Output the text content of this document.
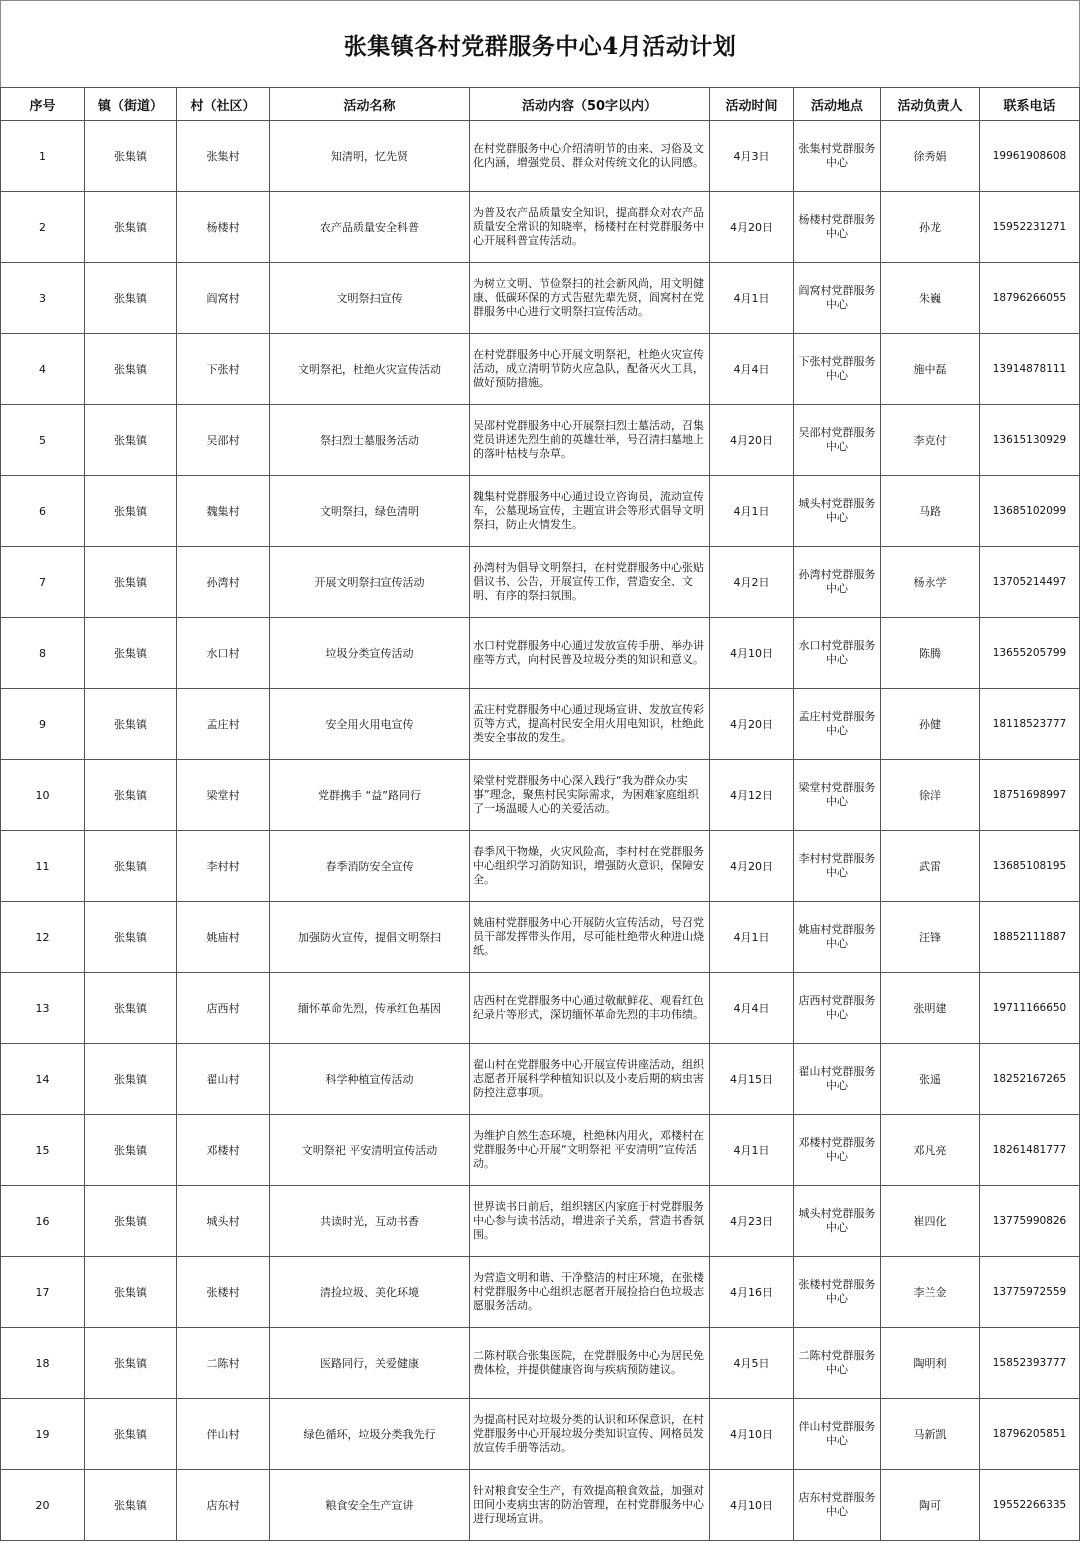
张集镇各村党群服务中心4月活动计划
序号	镇（街道）	村（社区）	活动名称	活动内容（50字以内）	活动时间	活动地点	活动负责人	联系电话
1	张集镇	张集村	知清明，忆先贤	在村党群服务中心介绍清明节的由来、习俗及文化内涵，增强党员、群众对传统文化的认同感。	4月3日	张集村党群服务中心	徐秀娟	19961908608
2	张集镇	杨楼村	农产品质量安全科普	为普及农产品质量安全知识，提高群众对农产品质量安全常识的知晓率，杨楼村在村党群服务中心开展科普宣传活动。	4月20日	杨楼村党群服务中心	孙龙	15952231271
3	张集镇	阎窝村	文明祭扫宣传	为树立文明、节俭祭扫的社会新风尚，用文明健康、低碳环保的方式告慰先辈先贤，阎窝村在党群服务中心进行文明祭扫宣传活动。	4月1日	阎窝村党群服务中心	朱巍	18796266055
4	张集镇	下张村	文明祭祀，杜绝火灾宣传活动	在村党群服务中心开展文明祭祀，杜绝火灾宣传活动，成立清明节防火应急队，配备灭火工具，做好预防措施。	4月4日	下张村党群服务中心	施中磊	13914878111
5	张集镇	吴邵村	祭扫烈士墓服务活动	吴邵村党群服务中心开展祭扫烈士墓活动，召集党员讲述先烈生前的英雄壮举，号召清扫墓地上的落叶枯枝与杂草。	4月20日	吴邵村党群服务中心	李克付	13615130929
6	张集镇	魏集村	文明祭扫，绿色清明	魏集村党群服务中心通过设立咨询员，流动宣传车，公墓现场宣传，主题宣讲会等形式倡导文明祭扫，防止火情发生。	4月1日	城头村党群服务中心	马路	13685102099
7	张集镇	孙湾村	开展文明祭扫宣传活动	孙湾村为倡导文明祭扫，在村党群服务中心张贴倡议书、公告，开展宣传工作，营造安全、文明、有序的祭扫氛围。	4月2日	孙湾村党群服务中心	杨永学	13705214497
8	张集镇	水口村	垃圾分类宣传活动	水口村党群服务中心通过发放宣传手册、举办讲座等方式，向村民普及垃圾分类的知识和意义。	4月10日	水口村党群服务中心	陈腾	13655205799
9	张集镇	孟庄村	安全用火用电宣传	孟庄村党群服务中心通过现场宣讲、发放宣传彩页等方式，提高村民安全用火用电知识，杜绝此类安全事故的发生。	4月20日	孟庄村党群服务中心	孙健	18118523777
10	张集镇	梁堂村	党群携手 “益”路同行	梁堂村党群服务中心深入践行“我为群众办实事”理念，聚焦村民实际需求，为困难家庭组织了一场温暖人心的关爱活动。	4月12日	梁堂村党群服务中心	徐洋	18751698997
11	张集镇	李村村	春季消防安全宣传	春季风干物燥，火灾风险高，李村村在党群服务中心组织学习消防知识，增强防火意识，保障安全。	4月20日	李村村党群服务中心	武雷	13685108195
12	张集镇	姚庙村	加强防火宣传，提倡文明祭扫	姚庙村党群服务中心开展防火宣传活动，号召党员干部发挥带头作用，尽可能杜绝带火种进山烧纸。	4月1日	姚庙村党群服务中心	汪锋	18852111887
13	张集镇	店西村	缅怀革命先烈，传承红色基因	店西村在党群服务中心通过敬献鲜花、观看红色纪录片等形式，深切缅怀革命先烈的丰功伟绩。	4月4日	店西村党群服务中心	张明建	19711166650
14	张集镇	翟山村	科学种植宣传活动	翟山村在党群服务中心开展宣传讲座活动，组织志愿者开展科学种植知识以及小麦后期的病虫害防控注意事项。	4月15日	翟山村党群服务中心	张遥	18252167265
15	张集镇	邓楼村	文明祭祀 平安清明宣传活动	为维护自然生态环境，杜绝林内用火，邓楼村在党群服务中心开展“文明祭祀 平安清明”宣传活动。	4月1日	邓楼村党群服务中心	邓凡亮	18261481777
16	张集镇	城头村	共读时光，互动书香	世界读书日前后，组织辖区内家庭于村党群服务中心参与读书活动，增进亲子关系，营造书香氛围。	4月23日	城头村党群服务中心	崔四化	13775990826
17	张集镇	张楼村	清捡垃圾、美化环境	为营造文明和谐、干净整洁的村庄环境，在张楼村党群服务中心组织志愿者开展捡拾白色垃圾志愿服务活动。	4月16日	张楼村党群服务中心	李兰金	13775972559
18	张集镇	二陈村	医路同行，关爱健康	二陈村联合张集医院，在党群服务中心为居民免费体检，并提供健康咨询与疾病预防建议。	4月5日	二陈村党群服务中心	陶明利	15852393777
19	张集镇	伴山村	绿色循环，垃圾分类我先行	为提高村民对垃圾分类的认识和环保意识，在村党群服务中心开展垃圾分类知识宣传、网格员发放宣传手册等活动。	4月10日	伴山村党群服务中心	马新凯	18796205851
20	张集镇	店东村	粮食安全生产宣讲	针对粮食安全生产，有效提高粮食效益，加强对田间小麦病虫害的防治管理，在村党群服务中心进行现场宣讲。	4月10日	店东村党群服务中心	陶可	19552266335
